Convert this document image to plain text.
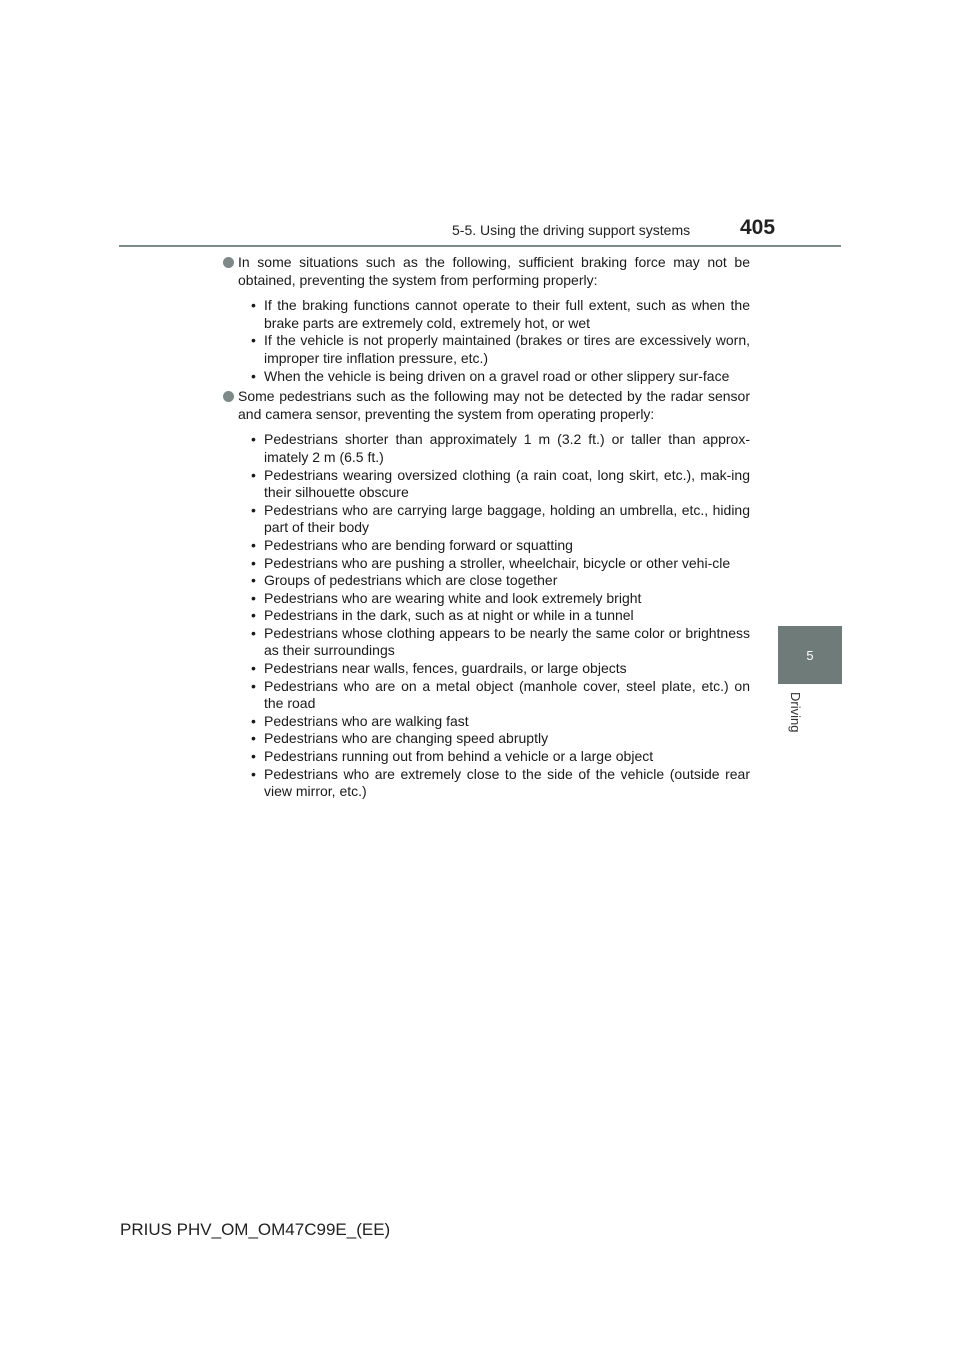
5-5. Using the driving support systems 405
5
Driving

In some situations such as the following, sufficient braking force may not be obtained, preventing the system from performing properly:

• If the braking functions cannot operate to their full extent, such as when the brake parts are extremely cold, extremely hot, or wet
• If the vehicle is not properly maintained (brakes or tires are excessively worn, improper tire inflation pressure, etc.)
• When the vehicle is being driven on a gravel road or other slippery sur-face

Some pedestrians such as the following may not be detected by the radar sensor and camera sensor, preventing the system from operating properly:

• Pedestrians shorter than approximately 1 m (3.2 ft.) or taller than approx-imately 2 m (6.5 ft.)
• Pedestrians wearing oversized clothing (a rain coat, long skirt, etc.), mak-ing their silhouette obscure
• Pedestrians who are carrying large baggage, holding an umbrella, etc., hiding part of their body
• Pedestrians who are bending forward or squatting
• Pedestrians who are pushing a stroller, wheelchair, bicycle or other vehi-cle
• Groups of pedestrians which are close together
• Pedestrians who are wearing white and look extremely bright
• Pedestrians in the dark, such as at night or while in a tunnel
• Pedestrians whose clothing appears to be nearly the same color or brightness as their surroundings
• Pedestrians near walls, fences, guardrails, or large objects
• Pedestrians who are on a metal object (manhole cover, steel plate, etc.) on the road
• Pedestrians who are walking fast
• Pedestrians who are changing speed abruptly
• Pedestrians running out from behind a vehicle or a large object
• Pedestrians who are extremely close to the side of the vehicle (outside rear view mirror, etc.)
PRIUS PHV_OM_OM47C99E_(EE)
